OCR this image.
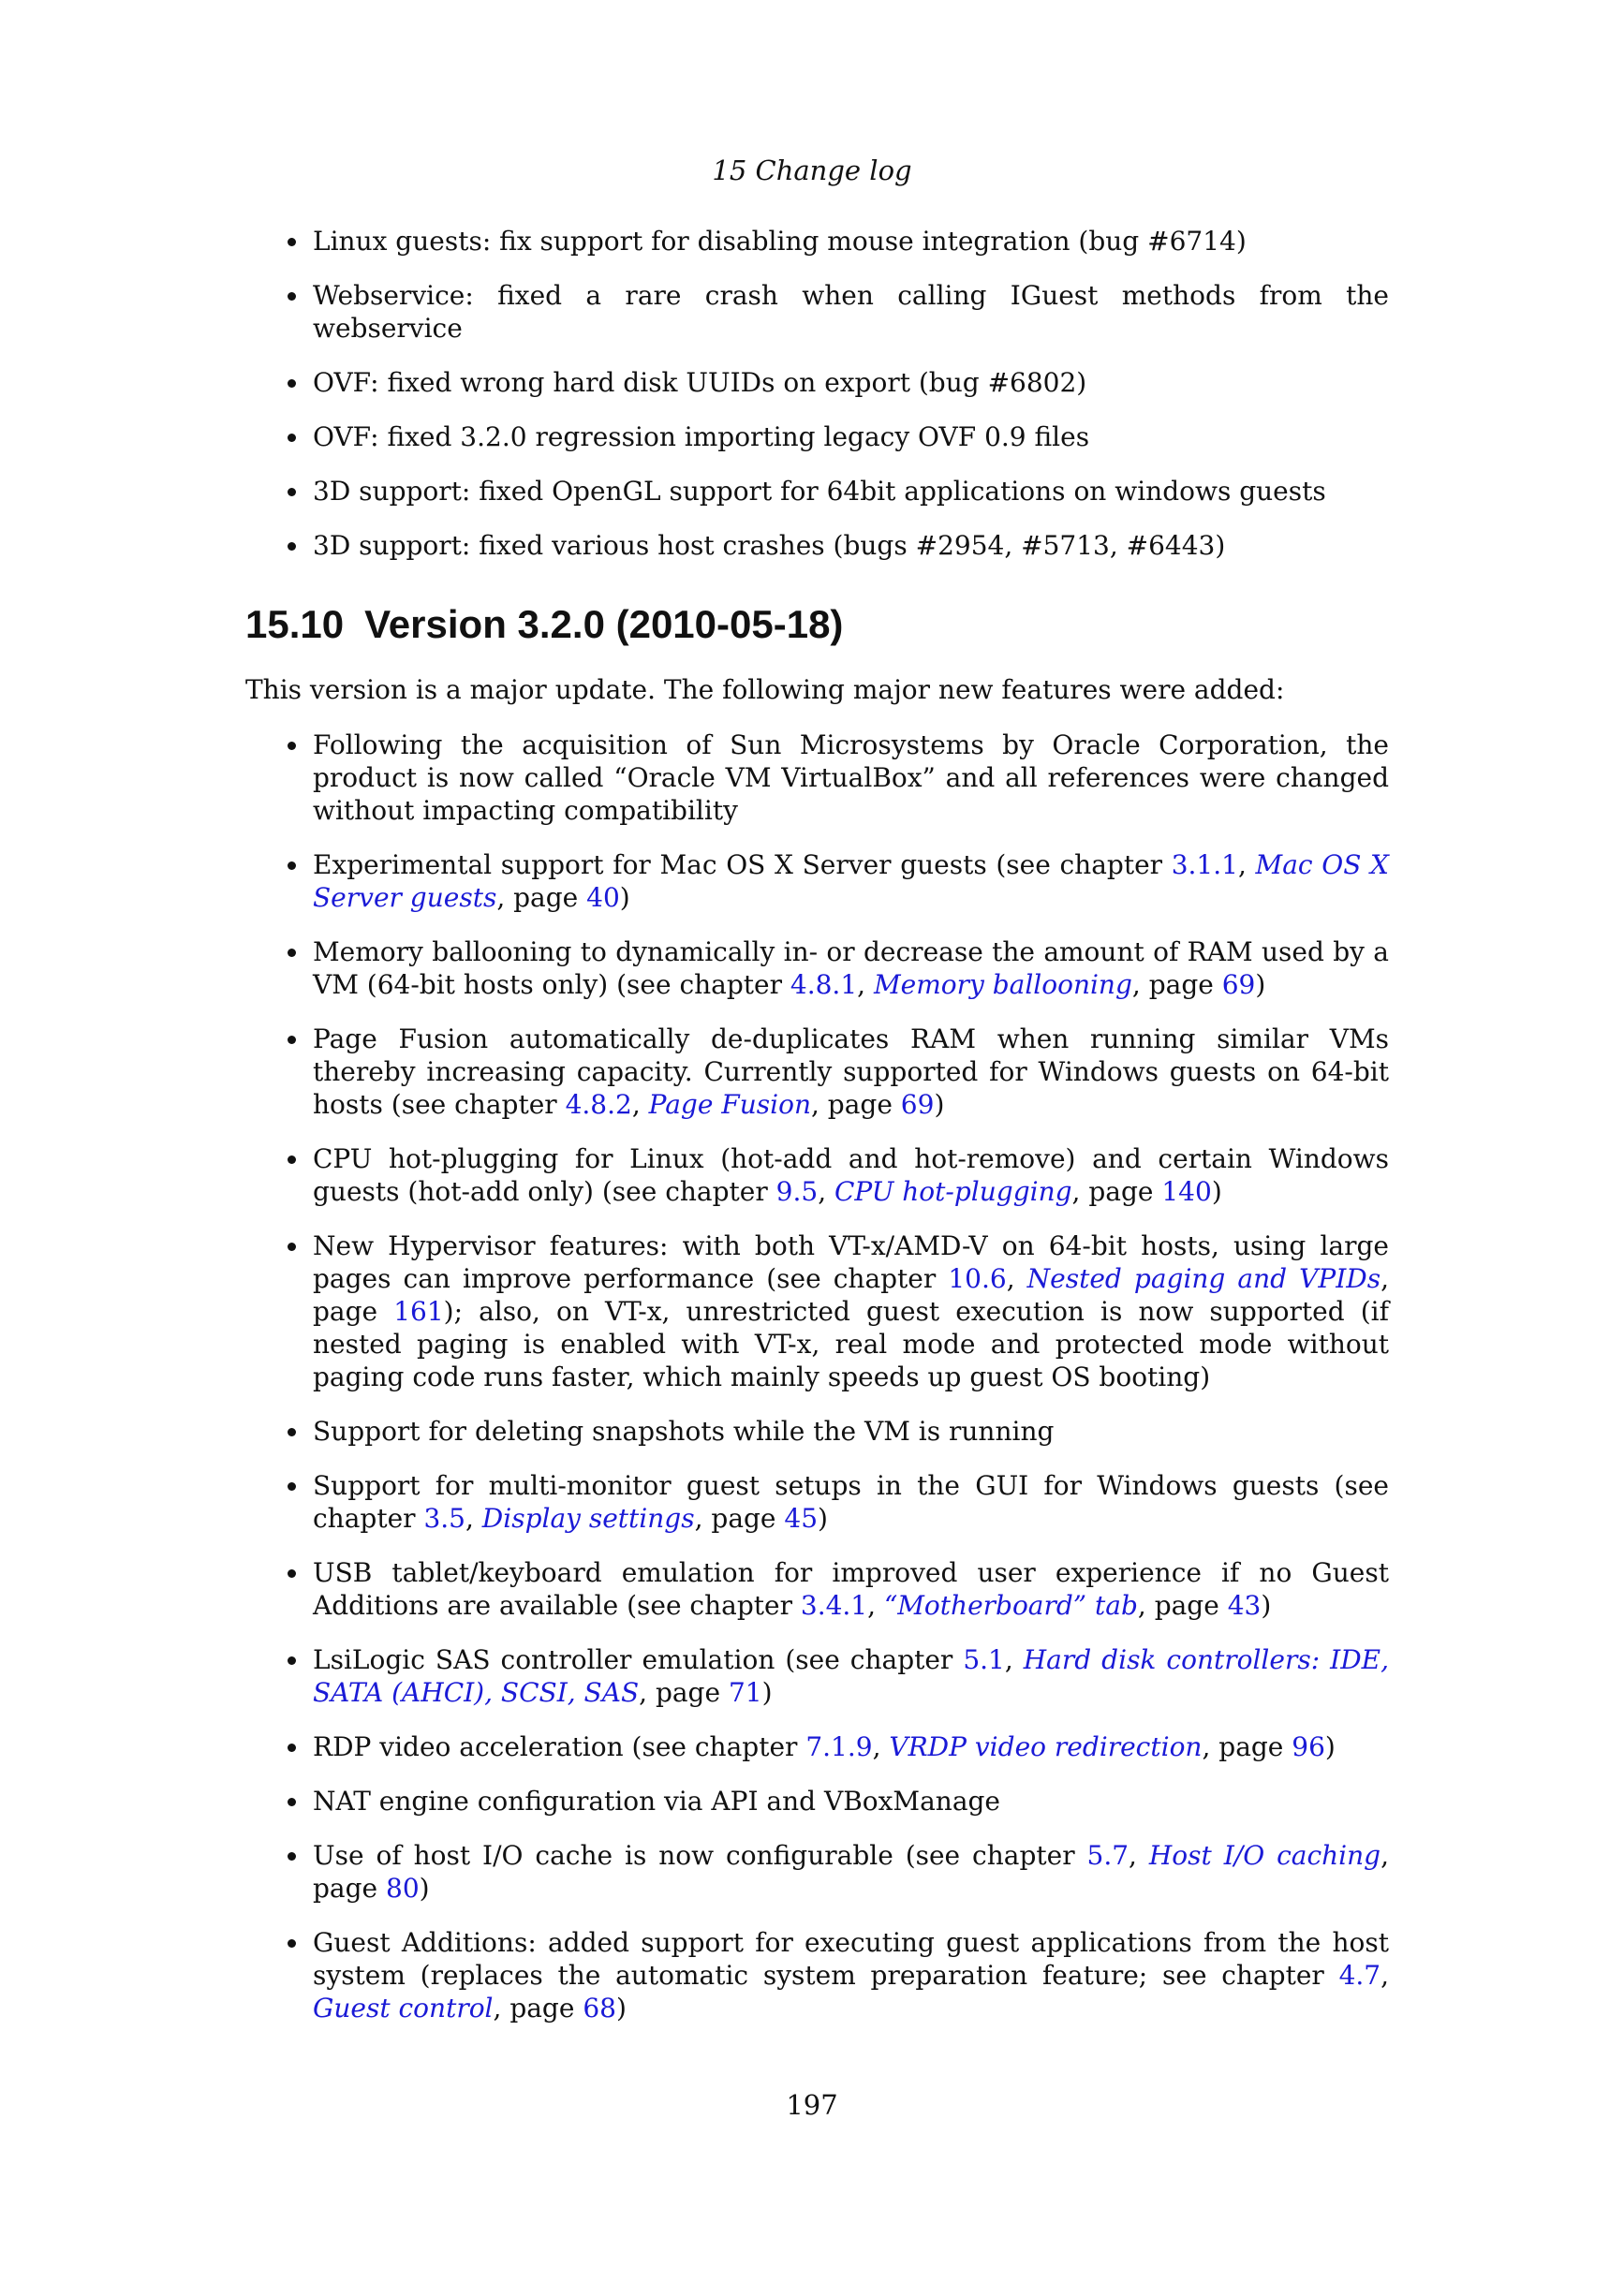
15 Change log
Linux guests: fix support for disabling mouse integration (bug #6714)
Webservice: fixed a rare crash when calling IGuest methods from the webservice
OVF: fixed wrong hard disk UUIDs on export (bug #6802)
OVF: fixed 3.2.0 regression importing legacy OVF 0.9 files
3D support: fixed OpenGL support for 64bit applications on windows guests
3D support: fixed various host crashes (bugs #2954, #5713, #6443)
15.10 Version 3.2.0 (2010-05-18)

This version is a major update. The following major new features were added:

Following the acquisition of Sun Microsystems by Oracle Corporation, the product is now called “Oracle VM VirtualBox” and all references were changed without impacting compatibility
Experimental support for Mac OS X Server guests (see chapter 3.1.1, Mac OS X Server guests, page 40)
Memory ballooning to dynamically in- or decrease the amount of RAM used by a VM (64-bit hosts only) (see chapter 4.8.1, Memory ballooning, page 69)
Page Fusion automatically de-duplicates RAM when running similar VMs thereby increasing capacity. Currently supported for Windows guests on 64-bit hosts (see chapter 4.8.2, Page Fusion, page 69)
CPU hot-plugging for Linux (hot-add and hot-remove) and certain Windows guests (hot-add only) (see chapter 9.5, CPU hot-plugging, page 140)
New Hypervisor features: with both VT-x/AMD-V on 64-bit hosts, using large pages can improve performance (see chapter 10.6, Nested paging and VPIDs, page 161); also, on VT-x, unrestricted guest execution is now supported (if nested paging is enabled with VT-x, real mode and protected mode without paging code runs faster, which mainly speeds up guest OS booting)
Support for deleting snapshots while the VM is running
Support for multi-monitor guest setups in the GUI for Windows guests (see chapter 3.5, Display settings, page 45)
USB tablet/keyboard emulation for improved user experience if no Guest Additions are available (see chapter 3.4.1, “Motherboard” tab, page 43)
LsiLogic SAS controller emulation (see chapter 5.1, Hard disk controllers: IDE, SATA (AHCI), SCSI, SAS, page 71)
RDP video acceleration (see chapter 7.1.9, VRDP video redirection, page 96)
NAT engine configuration via API and VBoxManage
Use of host I/O cache is now configurable (see chapter 5.7, Host I/O caching, page 80)
Guest Additions: added support for executing guest applications from the host system (replaces the automatic system preparation feature; see chapter 4.7, Guest control, page 68)
197
